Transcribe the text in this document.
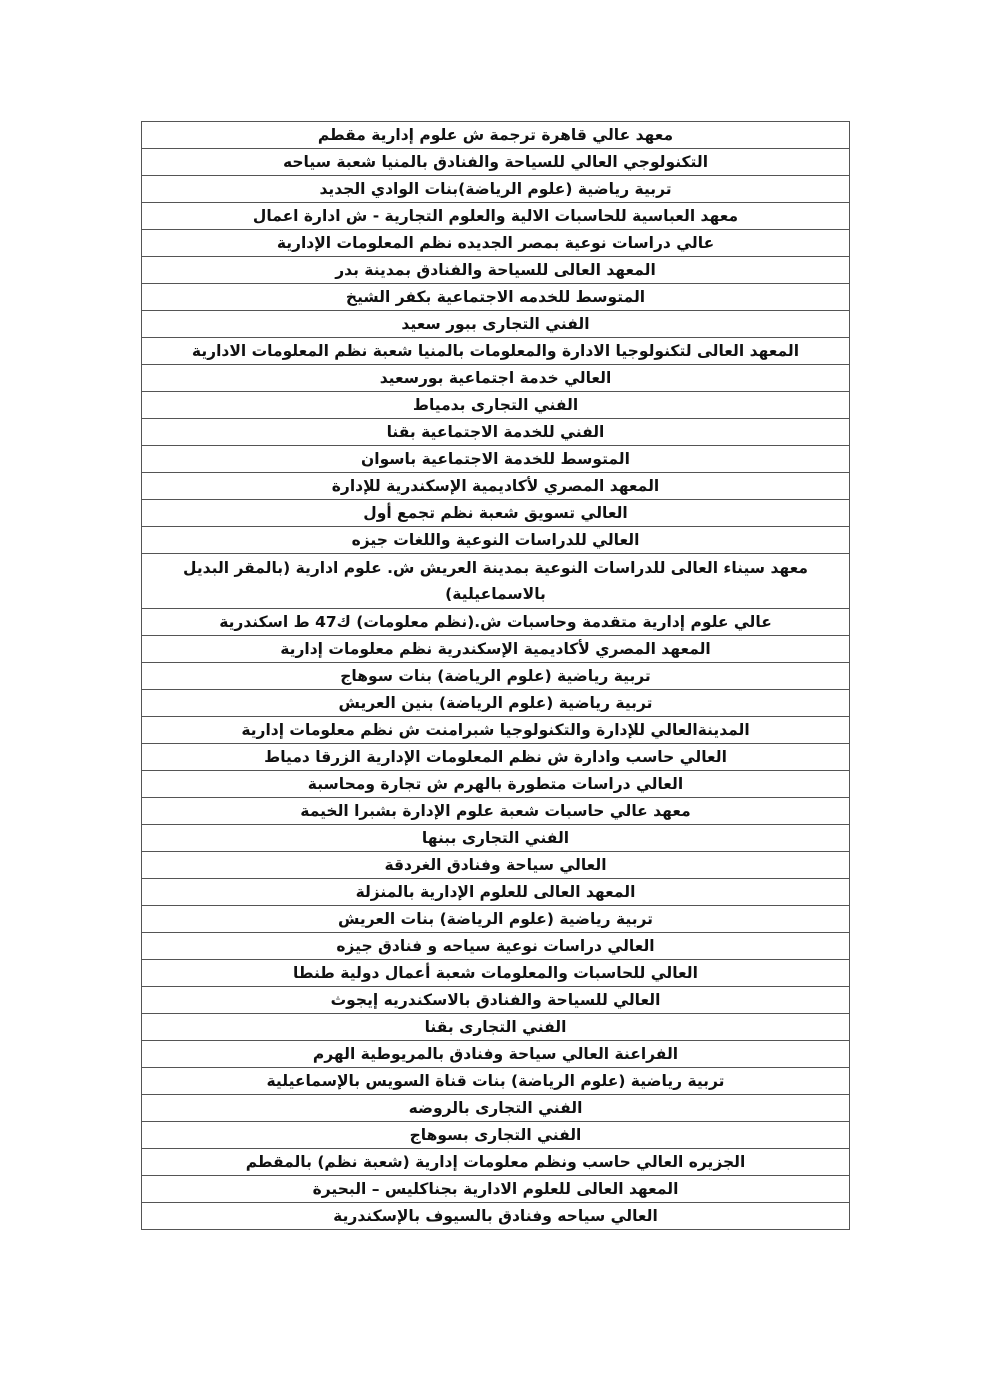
معهد عالي قاهرة ترجمة ش علوم إدارية مقطم
التكنولوجي العالي للسياحة والفنادق بالمنيا شعبة سياحه
تربية رياضية (علوم الرياضة)بنات الوادي الجديد
معهد العباسية للحاسبات الالية والعلوم التجارية - ش ادارة اعمال
عالي دراسات نوعية بمصر الجديده نظم المعلومات الإدارية
المعهد العالى للسياحة والفنادق بمدينة بدر
المتوسط للخدمه الاجتماعية بكفر الشيخ
الفني التجارى ببور سعيد
المعهد العالى لتكنولوجيا الادارة والمعلومات بالمنيا شعبة نظم المعلومات الادارية
العالي خدمة اجتماعية بورسعيد
الفني التجارى بدمياط
الفني للخدمة الاجتماعية بقنا
المتوسط للخدمة الاجتماعية باسوان
المعهد المصري لأكاديمية الإسكندرية للإدارة
العالي تسويق شعبة نظم تجمع أول
العالي للدراسات النوعية واللغات جيزه
معهد سيناء العالى للدراسات النوعية بمدينة العريش ش. علوم ادارية (بالمقر البديل بالاسماعيلية)
عالي علوم إدارية متقدمة وحاسبات ش.(نظم معلومات) ك47 ط اسكندرية
المعهد المصري لأكاديمية الإسكندرية نظم معلومات إدارية
تربية رياضية (علوم الرياضة) بنات سوهاج
تربية رياضية (علوم الرياضة) بنين العريش
المدينةالعالي للإدارة والتكنولوجيا شبرامنت ش نظم معلومات إدارية
العالي حاسب وادارة ش نظم المعلومات الإدارية الزرقا دمياط
العالي دراسات متطورة بالهرم ش تجارة ومحاسبة
معهد عالي حاسبات شعبة علوم الإدارة بشبرا الخيمة
الفني التجارى ببنها
العالي سياحة وفنادق الغردقة
المعهد العالى للعلوم الإدارية بالمنزلة
تربية رياضية (علوم الرياضة) بنات العريش
العالي دراسات نوعية سياحه و فنادق جيزه
العالي للحاسبات والمعلومات شعبة أعمال دولية طنطا
العالي للسياحة والفنادق بالاسكندريه إيجوث
الفني التجارى بقنا
الفراعنة العالي سياحة وفنادق بالمريوطية الهرم
تربية رياضية (علوم الرياضة) بنات قناة السويس بالإسماعيلية
الفني التجارى بالروضه
الفني التجارى بسوهاج
الجزيره العالي حاسب ونظم معلومات إدارية (شعبة نظم) بالمقطم
المعهد العالى للعلوم الادارية بجناكليس – البحيرة
العالي سياحه وفنادق بالسيوف بالإسكندرية
